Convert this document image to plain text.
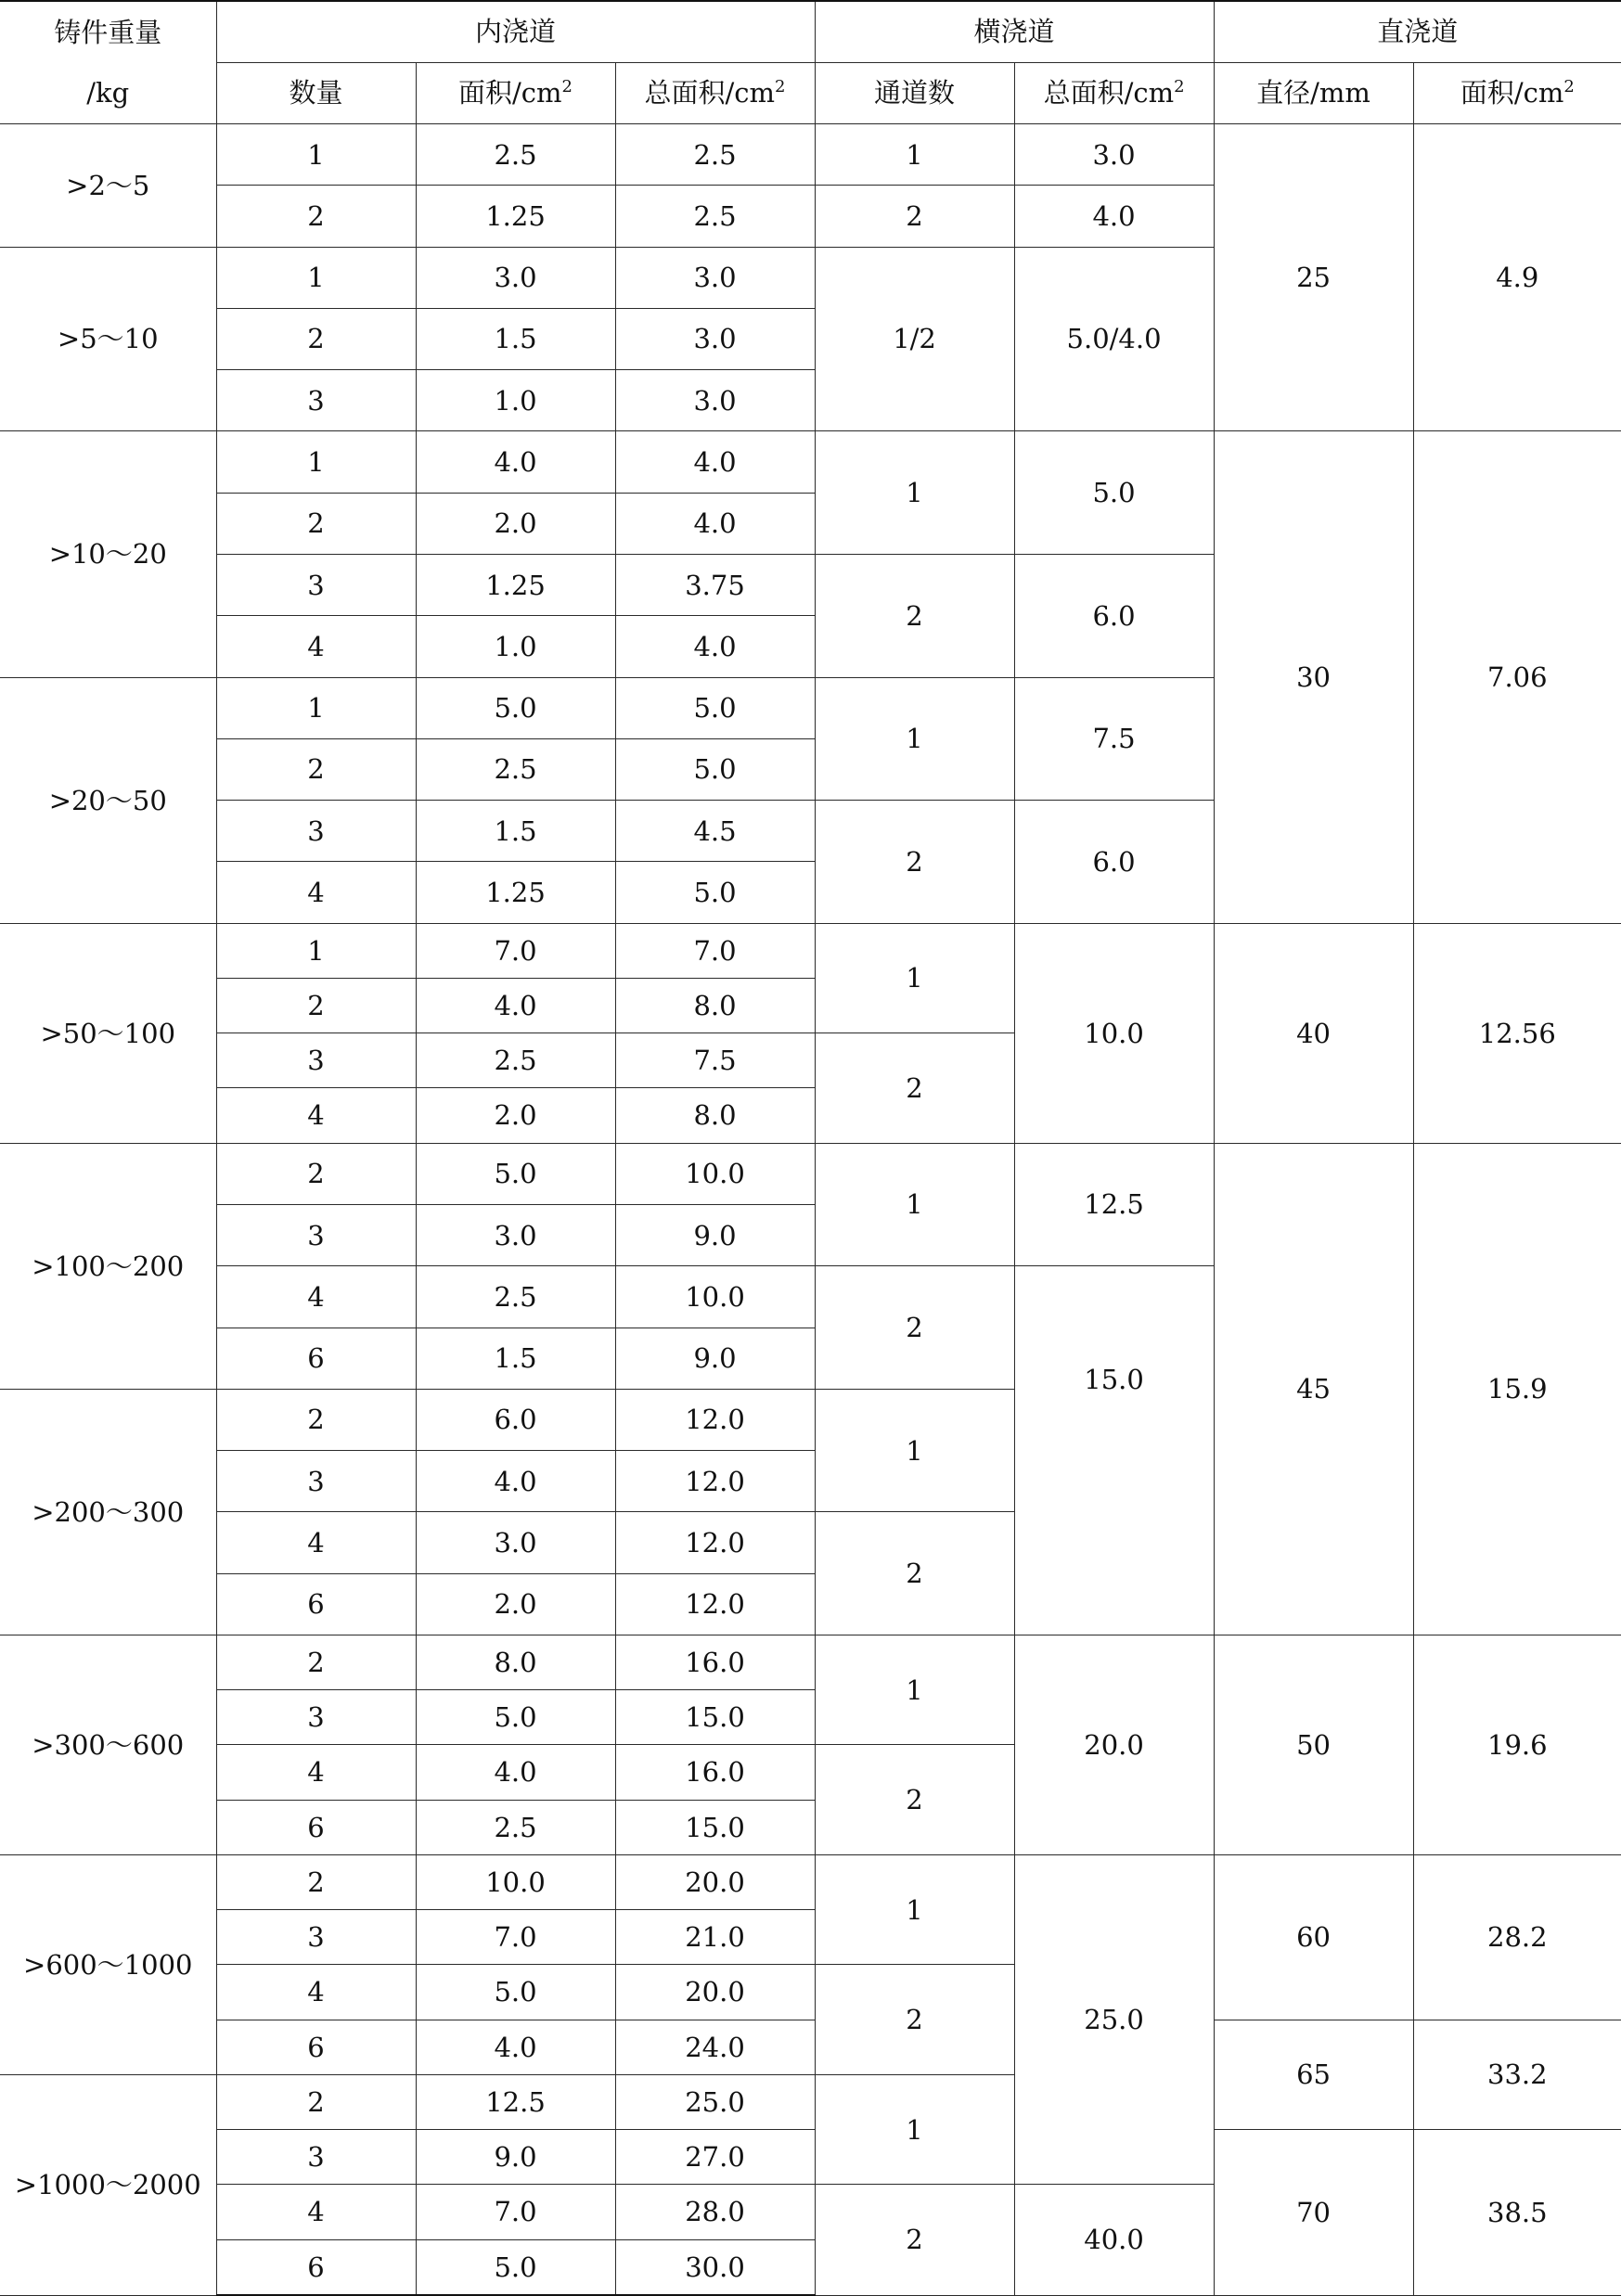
铸件重量
/kg	内浇道			横浇道		直浇道	
	数量	面积$/cm^2$	总面积$/cm^2$	通道数	总面积$/cm^2$	直径/mm	面积$/cm^2$
>2～5	1	2.5	2.5	1	3.0	25	4.9
	2	1.25	2.5	2	4.0		
>5～10	1	3.0	3.0	1/2	5.0/4.0		
	2	1.5	3.0				
	3	1.0	3.0				
>10～20	1	4.0	4.0	1	5.0	30	7.06
	2	2.0	4.0				
	3	1.25	3.75	2	6.0		
	4	1.0	4.0				
>20～50	1	5.0	5.0	1	7.5		
	2	2.5	5.0				
	3	1.5	4.5	2	6.0		
	4	1.25	5.0				
>50～100	1	7.0	7.0	1	10.0	40	12.56
	2	4.0	8.0				
	3	2.5	7.5	2			
	4	2.0	8.0				
>100～200	2	5.0	10.0	1	12.5	45	15.9
	3	3.0	9.0				
	4	2.5	10.0	2	15.0		
	6	1.5	9.0				
>200～300	2	6.0	12.0	1			
	3	4.0	12.0				
	4	3.0	12.0	2			
	6	2.0	12.0				
>300～600	2	8.0	16.0	1	20.0	50	19.6
	3	5.0	15.0				
	4	4.0	16.0	2			
	6	2.5	15.0				
>600～1000	2	10.0	20.0	1	25.0	60	28.2
	3	7.0	21.0				
	4	5.0	20.0	2			
	6	4.0	24.0			65	33.2
>1000～2000	2	12.5	25.0	1			
	3	9.0	27.0			70	38.5
	4	7.0	28.0	2	40.0		
	6	5.0	30.0				
